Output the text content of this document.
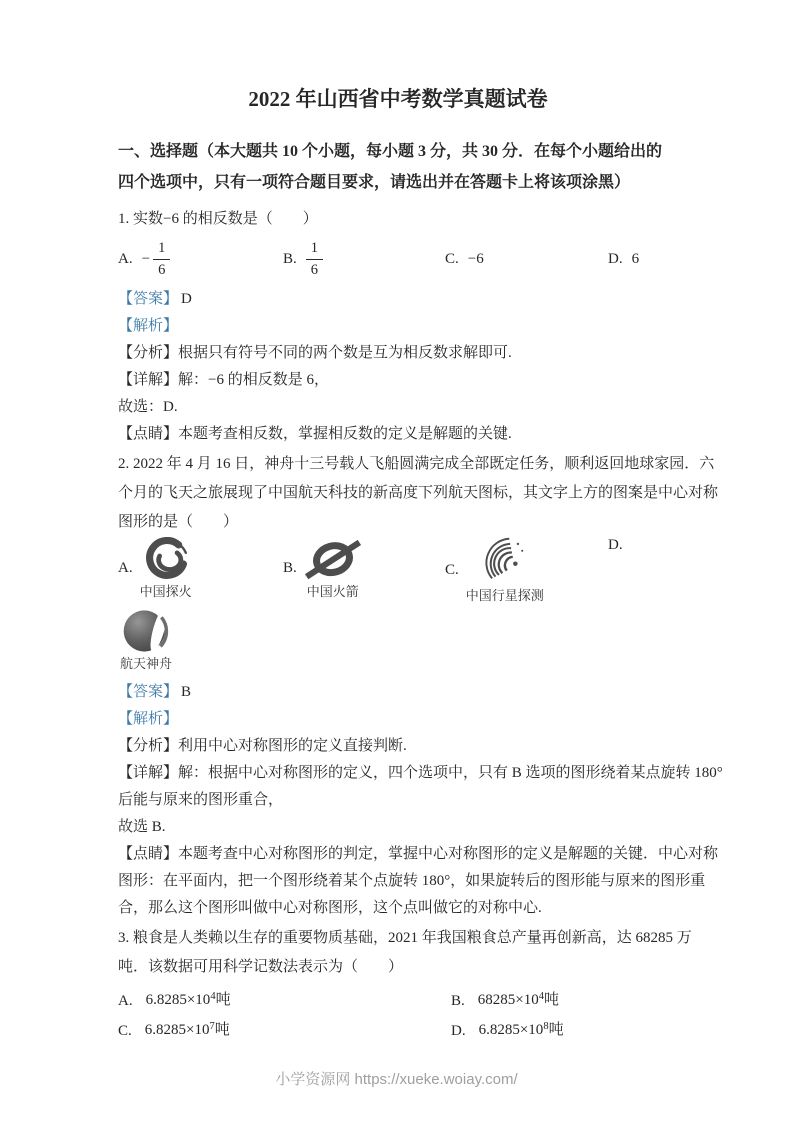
2022 年山西省中考数学真题试卷
一、选择题（本大题共 10 个小题，每小题 3 分，共 30 分．在每个小题给出的
四个选项中，只有一项符合题目要求，请选出并在答题卡上将该项涂黑）
1. 实数−6 的相反数是（　　）
A. − $\frac{1}{6}$	B. $\frac{1}{6}$	C. −6	D. 6
【答案】 D
【解析】
【分析】根据只有符号不同的两个数是互为相反数求解即可.
【详解】解：−6 的相反数是 6，
故选：D.
【点睛】本题考查相反数，掌握相反数的定义是解题的关键.
2. 2022 年 4 月 16 日，神舟十三号载人飞船圆满完成全部既定任务，顺利返回地球家园．六
个月的飞天之旅展现了中国航天科技的新高度下列航天图标，其文字上方的图案是中心对称
图形的是（　　）
A.
中国探火
B.
中国火箭
C.
中国行星探测
D.
航天神舟
【答案】 B
【解析】
【分析】利用中心对称图形的定义直接判断.
【详解】解：根据中心对称图形的定义，四个选项中，只有 B 选项的图形绕着某点旋转 180°
后能与原来的图形重合，
故选 B.
【点睛】本题考查中心对称图形的判定，掌握中心对称图形的定义是解题的关键．中心对称
图形：在平面内，把一个图形绕着某个点旋转 180°，如果旋转后的图形能与原来的图形重
合，那么这个图形叫做中心对称图形，这个点叫做它的对称中心.
3. 粮食是人类赖以生存的重要物质基础，2021 年我国粮食总产量再创新高，达 68285 万
吨．该数据可用科学记数法表示为（　　）
A. $6.8285\times 10^4$吨	B. $68285\times 10^4$吨
C. $6.8285\times 10^7$吨	D. $6.8285\times 10^8$吨
小学资源网 https://xueke.woiay.com/
